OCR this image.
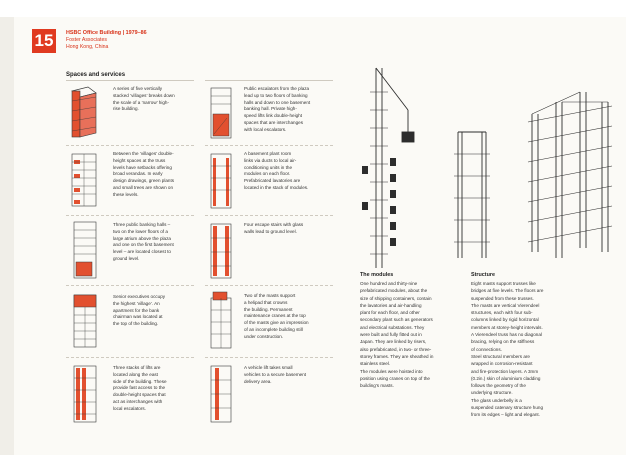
15	HSBC Office Building | 1979–86
Foster Associates
Hong Kong, China
Spaces and services
A series of five vertically
stacked ‘villages’ breaks down
the scale of a ‘narrow’ high-
rise building.
Between the ‘villages’ double-
height spaces at the truss
levels have setbacks offering
broad verandas. In early
design drawings, green plants
and small trees are shown on
these levels.
Three public banking halls –
two on the lower floors of a
large atrium above the plaza
and one on the first basement
level – are located closest to
ground level.
Senior executives occupy
the highest ‘village’. An
apartment for the bank
chairman was located at
the top of the building.
Three stacks of lifts are
located along the east
side of the building. These
provide fast access to the
double-height spaces that
act as interchanges with
local escalators.
Public escalators from the plaza
lead up to two floors of banking
halls and down to one basement
banking hall. Private high-
speed lifts link double-height
spaces that are interchanges
with local escalators.
A basement plant room
links via ducts to local air-
conditioning units in the
modules on each floor.
Prefabricated lavatories are
located in the stack of modules.
Four escape stairs with glass
walls lead to ground level.
Two of the masts support
a helipad that crowns
the building. Permanent
maintenance cranes at the top
of the masts give an impression
of an incomplete building still
under construction.
A vehicle lift takes small
vehicles to a secure basement
delivery area.
The modules
One hundred and thirty-nine
prefabricated modules, about the
size of shipping containers, contain
the lavatories and air-handling
plant for each floor, and other
secondary plant such as generators
and electrical substations. They
were built and fully fitted out in
Japan. They are linked by risers,
also prefabricated, in two- or three-
storey frames. They are sheathed in
stainless steel.
The modules were hoisted into
position using cranes on top of the
building’s masts.
Structure
Eight masts support trusses like
bridges at five levels. The floors are
suspended from these trusses.
The masts are vertical Vierendeel
structures, each with four sub-
columns linked by rigid horizontal
members at storey-height intervals.
A Vierendeel truss has no diagonal
bracing, relying on the stiffness
of connections.
Steel structural members are
wrapped in corrosion-resistant
and fire-protection layers. A 3mm
(0.2in.) skin of aluminium cladding
follows the geometry of the
underlying structure.
The glass underbelly is a
suspended catenary structure hung
from its edges – light and elegant.
